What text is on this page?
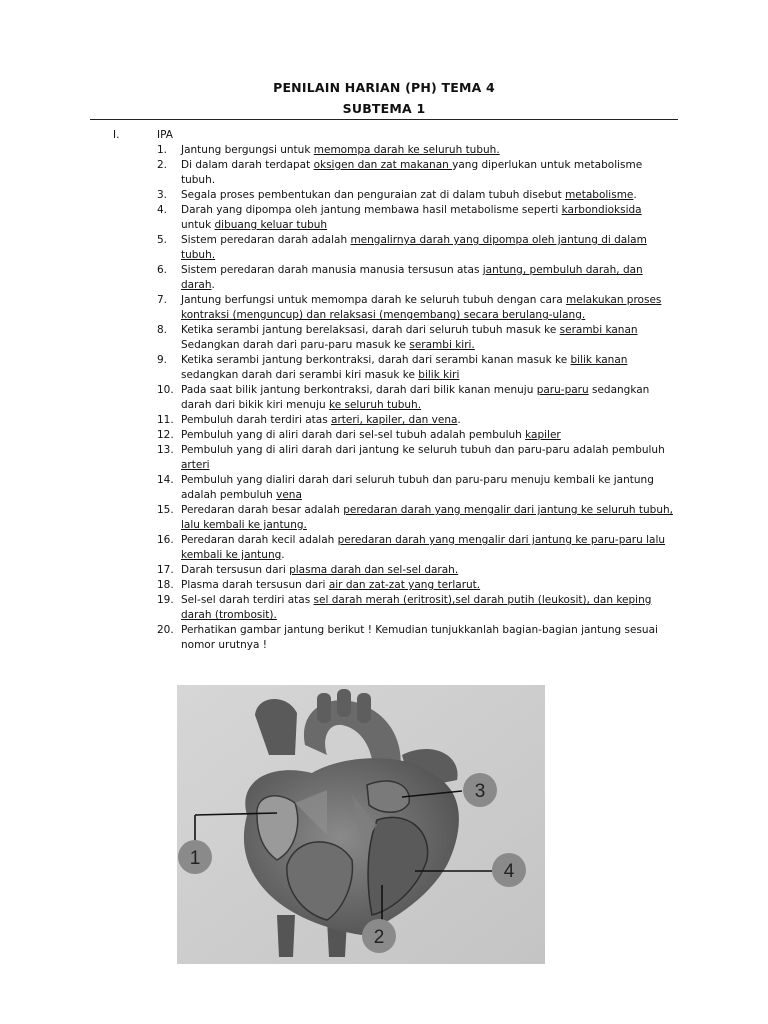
PENILAIN HARIAN (PH) TEMA 4
SUBTEMA 1
I.	IPA
1.	Jantung bergungsi untuk memompa darah ke seluruh tubuh.
2.	Di dalam darah terdapat oksigen dan zat makanan yang diperlukan untuk metabolisme tubuh.
3.	Segala proses pembentukan dan penguraian zat di dalam tubuh disebut metabolisme.
4.	Darah yang dipompa oleh jantung membawa hasil metabolisme seperti karbondioksida untuk dibuang keluar tubuh
5.	Sistem peredaran darah adalah mengalirnya darah yang dipompa oleh jantung di dalam tubuh.
6.	Sistem peredaran darah manusia manusia tersusun atas jantung, pembuluh darah, dan darah.
7.	Jantung berfungsi untuk memompa darah ke seluruh tubuh dengan cara melakukan proses kontraksi (menguncup) dan relaksasi (mengembang) secara berulang-ulang.
8.	Ketika serambi jantung berelaksasi, darah dari seluruh tubuh masuk ke serambi kanan Sedangkan darah dari paru-paru masuk ke serambi kiri.
9.	Ketika serambi jantung berkontraksi, darah dari serambi kanan masuk ke bilik kanan sedangkan darah dari serambi kiri masuk ke bilik kiri
10. Pada saat bilik jantung berkontraksi, darah dari bilik kanan menuju paru-paru sedangkan darah dari bikik kiri menuju ke seluruh tubuh.
11. Pembuluh darah terdiri atas arteri, kapiler, dan vena.
12. Pembuluh yang di aliri darah dari sel-sel tubuh adalah pembuluh kapiler
13. Pembuluh yang di aliri darah dari jantung ke seluruh tubuh dan paru-paru adalah pembuluh arteri
14. Pembuluh yang dialiri darah dari seluruh tubuh dan paru-paru menuju kembali ke jantung adalah pembuluh vena
15. Peredaran darah besar adalah peredaran darah yang mengalir dari jantung ke seluruh tubuh, lalu kembali ke jantung.
16. Peredaran darah kecil adalah peredaran darah yang mengalir dari jantung ke paru-paru lalu kembali ke jantung.
17. Darah tersusun dari plasma darah dan sel-sel darah.
18. Plasma darah tersusun dari air dan zat-zat yang terlarut.
19. Sel-sel darah terdiri atas sel darah merah (eritrosit),sel darah putih (leukosit), dan keping darah (trombosit).
20. Perhatikan gambar jantung berikut ! Kemudian tunjukkanlah bagian-bagian jantung sesuai nomor urutnya !
1
2
3
4
